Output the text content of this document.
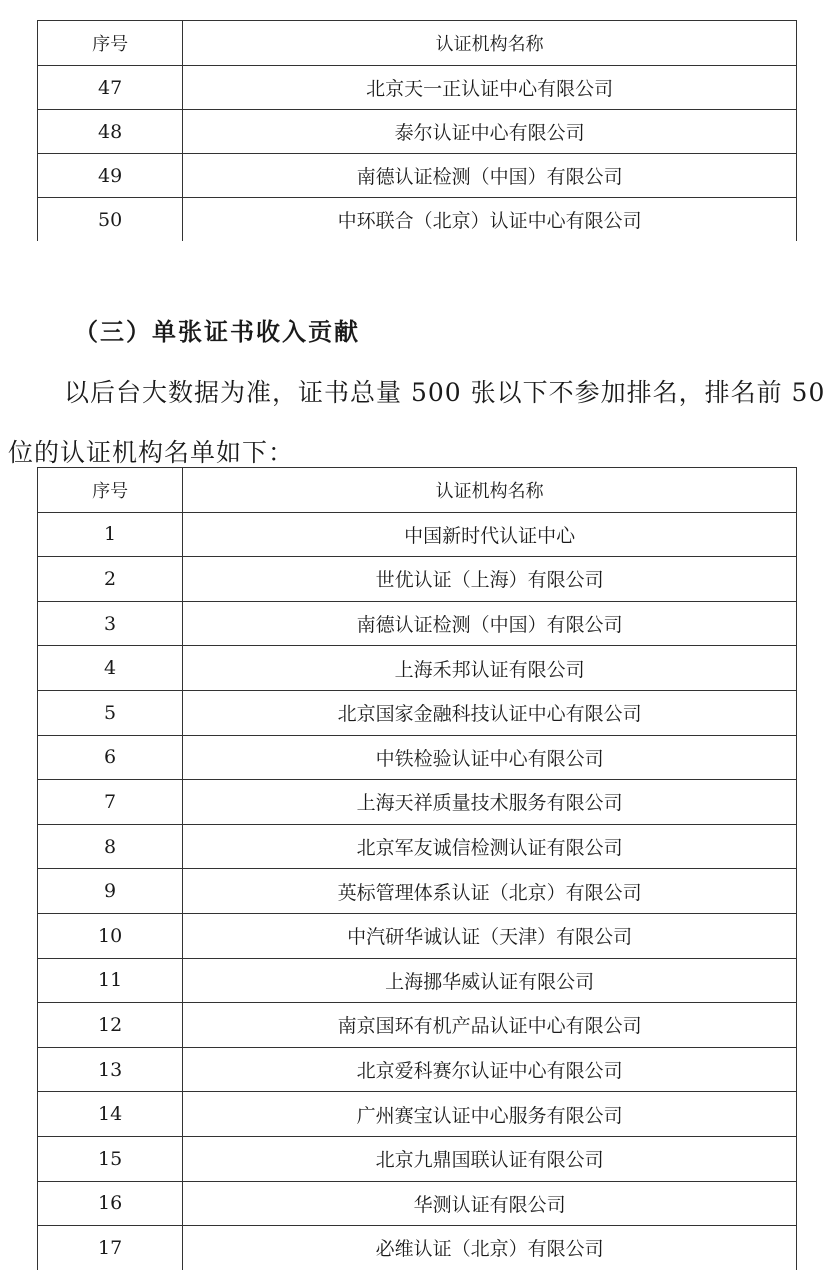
序号	认证机构名称
47	北京天一正认证中心有限公司
48	泰尔认证中心有限公司
49	南德认证检测（中国）有限公司
50	中环联合（北京）认证中心有限公司
（三）单张证书收入贡献
以后台大数据为准，证书总量 500 张以下不参加排名，排名前 50 位的认证机构名单如下：
序号	认证机构名称
1	中国新时代认证中心
2	世优认证（上海）有限公司
3	南德认证检测（中国）有限公司
4	上海禾邦认证有限公司
5	北京国家金融科技认证中心有限公司
6	中铁检验认证中心有限公司
7	上海天祥质量技术服务有限公司
8	北京军友诚信检测认证有限公司
9	英标管理体系认证（北京）有限公司
10	中汽研华诚认证（天津）有限公司
11	上海挪华威认证有限公司
12	南京国环有机产品认证中心有限公司
13	北京爱科赛尔认证中心有限公司
14	广州赛宝认证中心服务有限公司
15	北京九鼎国联认证有限公司
16	华测认证有限公司
17	必维认证（北京）有限公司
